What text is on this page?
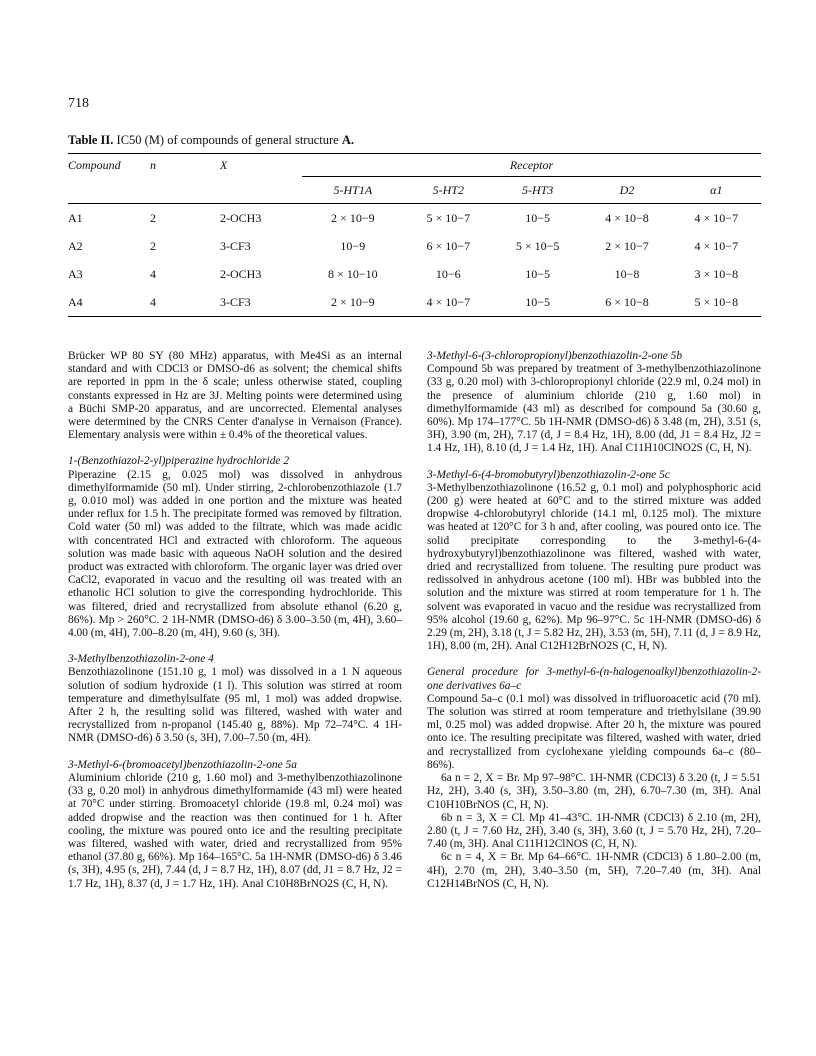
718
Table II. IC50 (M) of compounds of general structure A.
Compound	n	X	Receptor				
			5-HT1A	5-HT2	5-HT3	D2	α1
A1	2	2-OCH3	2 × 10−9	5 × 10−7	10−5	4 × 10−8	4 × 10−7
A2	2	3-CF3	10−9	6 × 10−7	5 × 10−5	2 × 10−7	4 × 10−7
A3	4	2-OCH3	8 × 10−10	10−6	10−5	10−8	3 × 10−8
A4	4	3-CF3	2 × 10−9	4 × 10−7	10−5	6 × 10−8	5 × 10−8

Brücker WP 80 SY (80 MHz) apparatus, with Me4Si as an internal standard and with CDCl3 or DMSO-d6 as solvent; the chemical shifts are reported in ppm in the δ scale; unless otherwise stated, coupling constants expressed in Hz are 3J. Melting points were determined using a Büchi SMP-20 apparatus, and are uncorrected. Elemental analyses were determined by the CNRS Center d'analyse in Vernaison (France). Elementary analysis were within ± 0.4% of the theoretical values.

1-(Benzothiazol-2-yl)piperazine hydrochloride 2

Piperazine (2.15 g, 0.025 mol) was dissolved in anhydrous dimethylformamide (50 ml). Under stirring, 2-chlorobenzothiazole (1.7 g, 0.010 mol) was added in one portion and the mixture was heated under reflux for 1.5 h. The precipitate formed was removed by filtration. Cold water (50 ml) was added to the filtrate, which was made acidic with concentrated HCl and extracted with chloroform. The aqueous solution was made basic with aqueous NaOH solution and the desired product was extracted with chloroform. The organic layer was dried over CaCl2, evaporated in vacuo and the resulting oil was treated with an ethanolic HCl solution to give the corresponding hydrochloride. This was filtered, dried and recrystallized from absolute ethanol (6.20 g, 86%). Mp > 260°C. 2 1H-NMR (DMSO-d6) δ 3.00–3.50 (m, 4H), 3.60–4.00 (m, 4H), 7.00–8.20 (m, 4H), 9.60 (s, 3H).

3-Methylbenzothiazolin-2-one 4

Benzothiazolinone (151.10 g, 1 mol) was dissolved in a 1 N aqueous solution of sodium hydroxide (1 l). This solution was stirred at room temperature and dimethylsulfate (95 ml, 1 mol) was added dropwise. After 2 h, the resulting solid was filtered, washed with water and recrystallized from n-propanol (145.40 g, 88%). Mp 72–74°C. 4 1H-NMR (DMSO-d6) δ 3.50 (s, 3H), 7.00–7.50 (m, 4H).

3-Methyl-6-(bromoacetyl)benzothiazolin-2-one 5a

Aluminium chloride (210 g, 1.60 mol) and 3-methylbenzothiazolinone (33 g, 0.20 mol) in anhydrous dimethylformamide (43 ml) were heated at 70°C under stirring. Bromoacetyl chloride (19.8 ml, 0.24 mol) was added dropwise and the reaction was then continued for 1 h. After cooling, the mixture was poured onto ice and the resulting precipitate was filtered, washed with water, dried and recrystallized from 95% ethanol (37.80 g, 66%). Mp 164–165°C. 5a 1H-NMR (DMSO-d6) δ 3.46 (s, 3H), 4.95 (s, 2H), 7.44 (d, J = 8.7 Hz, 1H), 8.07 (dd, J1 = 8.7 Hz, J2 = 1.7 Hz, 1H), 8.37 (d, J = 1.7 Hz, 1H). Anal C10H8BrNO2S (C, H, N).

3-Methyl-6-(3-chloropropionyl)benzothiazolin-2-one 5b

Compound 5b was prepared by treatment of 3-methylbenzothiazolinone (33 g, 0.20 mol) with 3-chloropropionyl chloride (22.9 ml, 0.24 mol) in the presence of aluminium chloride (210 g, 1.60 mol) in dimethylformamide (43 ml) as described for compound 5a (30.60 g, 60%). Mp 174–177°C. 5b 1H-NMR (DMSO-d6) δ 3.48 (m, 2H), 3.51 (s, 3H), 3.90 (m, 2H), 7.17 (d, J = 8.4 Hz, 1H), 8.00 (dd, J1 = 8.4 Hz, J2 = 1.4 Hz, 1H), 8.10 (d, J = 1.4 Hz, 1H). Anal C11H10ClNO2S (C, H, N).

3-Methyl-6-(4-bromobutyryl)benzothiazolin-2-one 5c

3-Methylbenzothiazolinone (16.52 g, 0.1 mol) and polyphosphoric acid (200 g) were heated at 60°C and to the stirred mixture was added dropwise 4-chlorobutyryl chloride (14.1 ml, 0.125 mol). The mixture was heated at 120°C for 3 h and, after cooling, was poured onto ice. The solid precipitate corresponding to the 3-methyl-6-(4-hydroxybutyryl)benzothiazolinone was filtered, washed with water, dried and recrystallized from toluene. The resulting pure product was redissolved in anhydrous acetone (100 ml). HBr was bubbled into the solution and the mixture was stirred at room temperature for 1 h. The solvent was evaporated in vacuo and the residue was recrystallized from 95% alcohol (19.60 g, 62%). Mp 96–97°C. 5c 1H-NMR (DMSO-d6) δ 2.29 (m, 2H), 3.18 (t, J = 5.82 Hz, 2H), 3.53 (m, 5H), 7.11 (d, J = 8.9 Hz, 1H), 8.00 (m, 2H). Anal C12H12BrNO2S (C, H, N).

General procedure for 3-methyl-6-(n-halogenoalkyl)benzothiazolin-2-one derivatives 6a–c

Compound 5a–c (0.1 mol) was dissolved in trifluoroacetic acid (70 ml). The solution was stirred at room temperature and triethylsilane (39.90 ml, 0.25 mol) was added dropwise. After 20 h, the mixture was poured onto ice. The resulting precipitate was filtered, washed with water, dried and recrystallized from cyclohexane yielding compounds 6a–c (80–86%).

6a n = 2, X = Br. Mp 97–98°C. 1H-NMR (CDCl3) δ 3.20 (t, J = 5.51 Hz, 2H), 3.40 (s, 3H), 3.50–3.80 (m, 2H), 6.70–7.30 (m, 3H). Anal C10H10BrNOS (C, H, N).

6b n = 3, X = Cl. Mp 41–43°C. 1H-NMR (CDCl3) δ 2.10 (m, 2H), 2.80 (t, J = 7.60 Hz, 2H), 3.40 (s, 3H), 3.60 (t, J = 5.70 Hz, 2H), 7.20–7.40 (m, 3H). Anal C11H12ClNOS (C, H, N).

6c n = 4, X = Br. Mp 64–66°C. 1H-NMR (CDCl3) δ 1.80–2.00 (m, 4H), 2.70 (m, 2H), 3.40–3.50 (m, 5H), 7.20–7.40 (m, 3H). Anal C12H14BrNOS (C, H, N).
